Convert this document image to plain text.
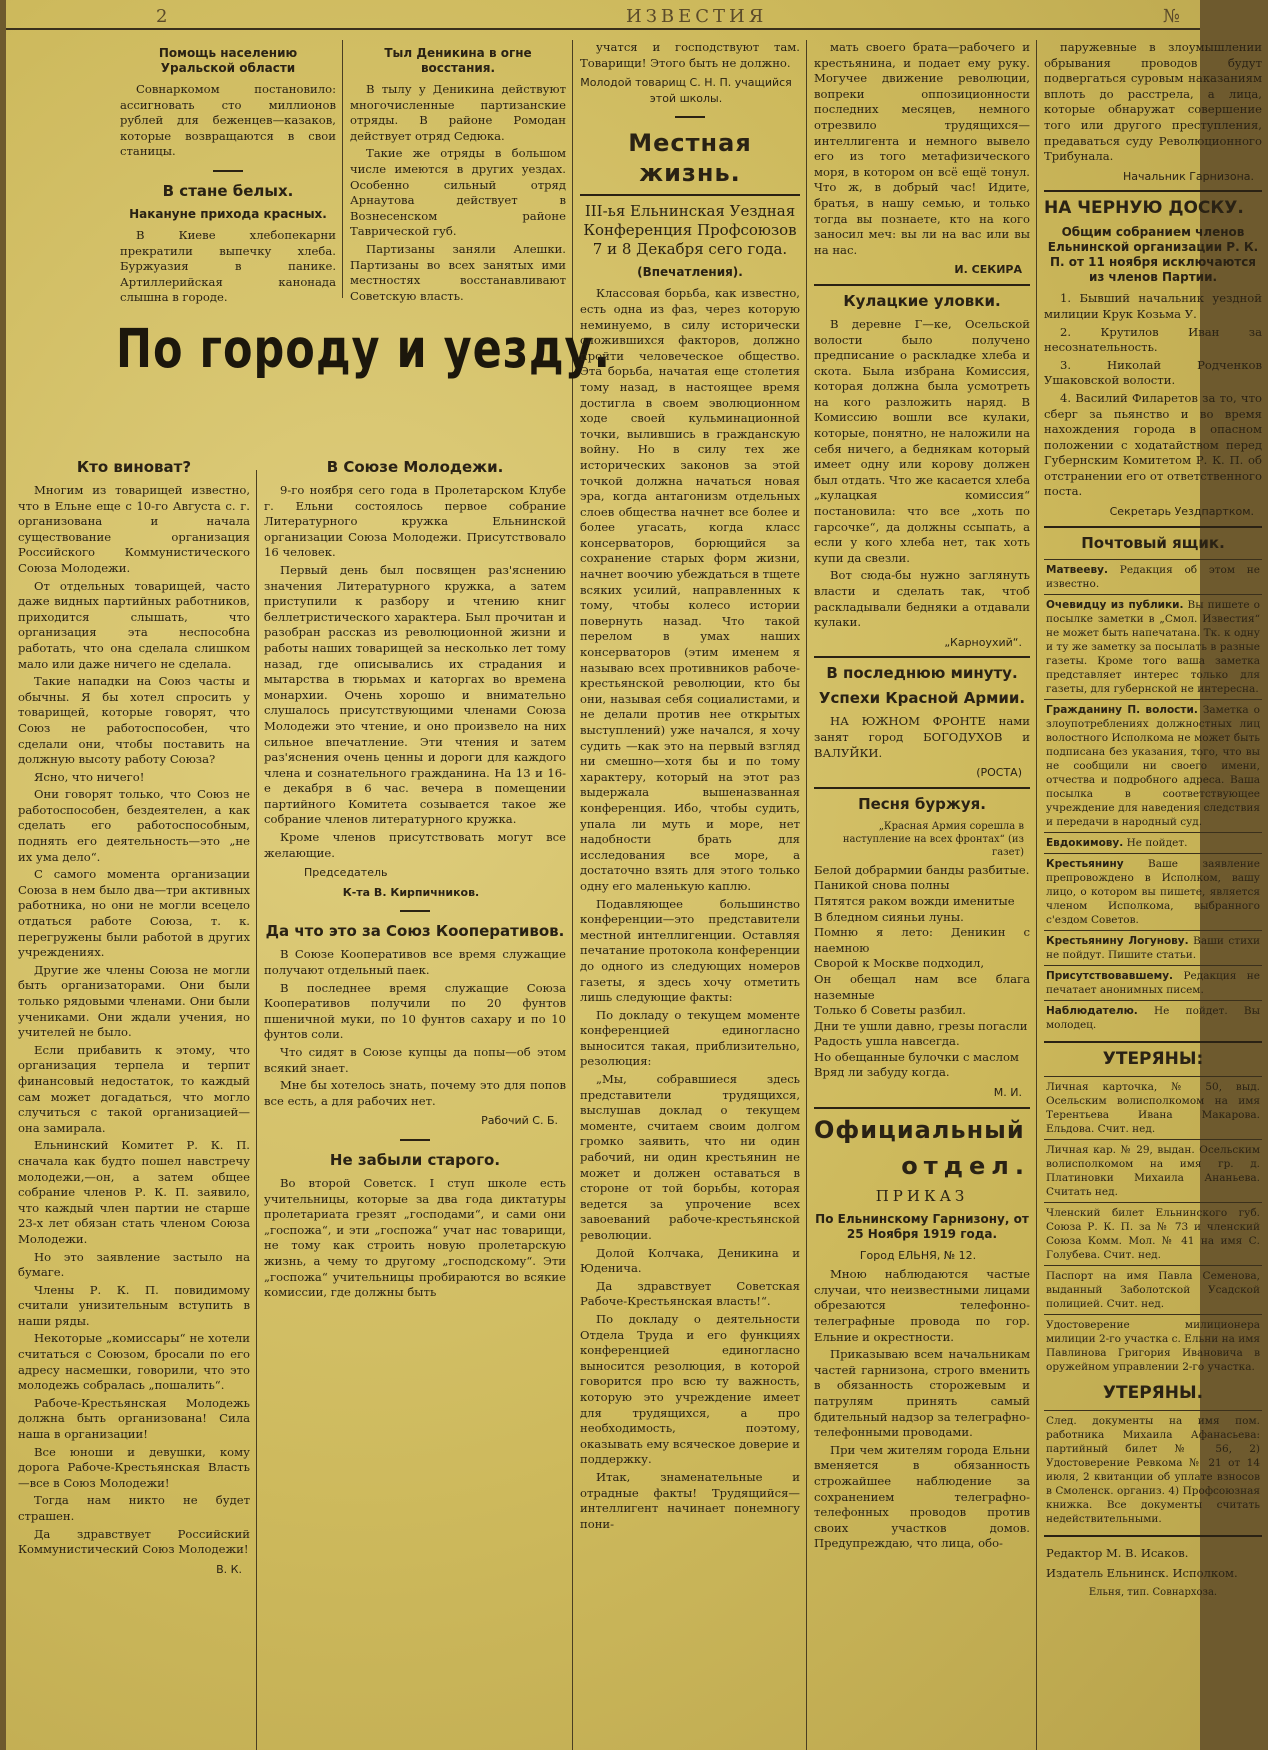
2	ИЗВЕСТИЯ	№
Помощь населению Уральской области

Совнаркомом постановило: ассигновать сто миллионов рублей для беженцев—казаков, которые возвращаются в свои станицы.

В стане белых.
Накануне прихода красных.

В Киеве хлебопекарни прекратили выпечку хлеба. Буржуазия в панике. Артиллерийская канонада слышна в городе.

Тыл Деникина в огне восстания.

В тылу у Деникина действуют многочисленные партизанские отряды. В районе Ромодан действует отряд Седюка.

Такие же отряды в большом числе имеются в других уездах. Особенно сильный отряд Арнаутова действует в Вознесенском районе Таврической губ.

Партизаны заняли Алешки. Партизаны во всех занятых ими местностях восстанавливают Советскую власть.

По городу и уезду.
Кто виноват?

Многим из товарищей известно, что в Ельне еще с 10-го Августа с. г. организована и начала существование организация Российского Коммунистического Союза Молодежи.

От отдельных товарищей, часто даже видных партийных работников, приходится слышать, что организация эта неспособна работать, что она сделала слишком мало или даже ничего не сделала.

Такие нападки на Союз часты и обычны. Я бы хотел спросить у товарищей, которые говорят, что Союз не работоспособен, что сделали они, чтобы поставить на должную высоту работу Союза?

Ясно, что ничего!

Они говорят только, что Союз не работоспособен, бездеятелен, а как сделать его работоспособным, поднять его деятельность—это „не их ума дело“.

С самого момента организации Союза в нем было два—три активных работника, но они не могли всецело отдаться работе Союза, т. к. перегружены были работой в других учреждениях.

Другие же члены Союза не могли быть организаторами. Они были только рядовыми членами. Они были учениками. Они ждали учения, но учителей не было.

Если прибавить к этому, что организация терпела и терпит финансовый недостаток, то каждый сам может догадаться, что могло случиться с такой организацией—она замирала.

Ельнинский Комитет Р. К. П. сначала как будто пошел навстречу молодежи,—он, а затем общее собрание членов Р. К. П. заявило, что каждый член партии не старше 23-х лет обязан стать членом Союза Молодежи.

Но это заявление застыло на бумаге.

Члены Р. К. П. повидимому считали унизительным вступить в наши ряды.

Некоторые „комиссары“ не хотели считаться с Союзом, бросали по его адресу насмешки, говорили, что это молодежь собралась „пошалить“.

Рабоче-Крестьянская Молодежь должна быть организована! Сила наша в организации!

Все юноши и девушки, кому дорога Рабоче-Крестьянская Власть—все в Союз Молодежи!

Тогда нам никто не будет страшен.

Да здравствует Российский Коммунистический Союз Молодежи!

В. К.
В Союзе Молодежи.

9-го ноября сего года в Пролетарском Клубе г. Ельни состоялось первое собрание Литературного кружка Ельнинской организации Союза Молодежи. Присутствовало 16 человек.

Первый день был посвящен раз'яснению значения Литературного кружка, а затем приступили к разбору и чтению книг беллетристического характера. Был прочитан и разобран рассказ из революционной жизни и работы наших товарищей за несколько лет тому назад, где описывались их страдания и мытарства в тюрьмах и каторгах во времена монархии. Очень хорошо и внимательно слушалось присутствующими членами Союза Молодежи это чтение, и оно произвело на них сильное впечатление. Эти чтения и затем раз'яснения очень ценны и дороги для каждого члена и сознательного гражданина. На 13 и 16-е декабря в 6 час. вечера в помещении партийного Комитета созывается такое же собрание членов литературного кружка.

Кроме членов присутствовать могут все желающие.

Председатель
К-та В. Кирпичников.
Да что это за Союз Кооперативов.

В Союзе Кооперативов все время служащие получают отдельный паек.

В последнее время служащие Союза Кооперативов получили по 20 фунтов пшеничной муки, по 10 фунтов сахару и по 10 фунтов соли.

Что сидят в Союзе купцы да попы—об этом всякий знает.

Мне бы хотелось знать, почему это для попов все есть, а для рабочих нет.

Рабочий С. Б.
Не забыли старого.

Во второй Советск. I ступ школе есть учительницы, которые за два года диктатуры пролетариата грезят „господами“, и сами они „госпожа“, и эти „госпожа“ учат нас товарищи, не тому как строить новую пролетарскую жизнь, а чему то другому „господскому“. Эти „госпожа“ учительницы пробираются во всякие комиссии, где должны быть

учатся и господствуют там. Товарищи! Этого быть не должно.

Молодой товарищ С. Н. П. учащийся этой школы.
Местная жизнь.
III-ья Ельнинская Уездная Конференция Профсоюзов 7 и 8 Декабря сего года.
(Впечатления).

Классовая борьба, как известно, есть одна из фаз, через которую неминуемо, в силу исторически сложившихся факторов, должно пройти человеческое общество. Эта борьба, начатая еще столетия тому назад, в настоящее время достигла в своем эволюционном ходе своей кульминационной точки, вылившись в гражданскую войну. Но в силу тех же исторических законов за этой точкой должна начаться новая эра, когда антагонизм отдельных слоев общества начнет все более и более угасать, когда класс консерваторов, борющийся за сохранение старых форм жизни, начнет воочию убеждаться в тщете всяких усилий, направленных к тому, чтобы колесо истории повернуть назад. Что такой перелом в умах наших консерваторов (этим именем я называю всех противников рабоче-крестьянской революции, кто бы они, называя себя социалистами, и не делали против нее открытых выступлений) уже начался, я хочу судить —как это на первый взгляд ни смешно—хотя бы и по тому характеру, который на этот раз выдержала вышеназванная конференция. Ибо, чтобы судить, упала ли муть и море, нет надобности брать для исследования все море, а достаточно взять для этого только одну его маленькую каплю.

Подавляющее большинство конференции—это представители местной интеллигенции. Оставляя печатание протокола конференции до одного из следующих номеров газеты, я здесь хочу отметить лишь следующие факты:

По докладу о текущем моменте конференцией единогласно выносится такая, приблизительно, резолюция:

„Мы, собравшиеся здесь представители трудящихся, выслушав доклад о текущем моменте, считаем своим долгом громко заявить, что ни один рабочий, ни один крестьянин не может и должен оставаться в стороне от той борьбы, которая ведется за упрочение всех завоеваний рабоче-крестьянской революции.

Долой Колчака, Деникина и Юденича.

Да здравствует Советская Рабоче-Крестьянская власть!“.

По докладу о деятельности Отдела Труда и его функциях конференцией единогласно выносится резолюция, в которой говорится про всю ту важность, которую это учреждение имеет для трудящихся, а про необходимость, поэтому, оказывать ему всяческое доверие и поддержку.

Итак, знаменательные и отрадные факты! Трудящийся—интеллигент начинает понемногу пони-

мать своего брата—рабочего и крестьянина, и подает ему руку. Могучее движение революции, вопреки оппозиционности последних месяцев, немного отрезвило трудящихся—интеллигента и немного вывело его из того метафизического моря, в котором он всё ещё тонул. Что ж, в добрый час! Идите, братья, в нашу семью, и только тогда вы познаете, кто на кого заносил меч: вы ли на вас или вы на нас.

И. СЕКИРА
Кулацкие уловки.

В деревне Г—ке, Осельской волости было получено предписание о раскладке хлеба и скота. Была избрана Комиссия, которая должна была усмотреть на кого разложить наряд. В Комиссию вошли все кулаки, которые, понятно, не наложили на себя ничего, а беднякам который имеет одну или корову должен был отдать. Что же касается хлеба „кулацкая комиссия“ постановила: что все „хоть по гарсочке“, да должны ссыпать, а если у кого хлеба нет, так хоть купи да свезли.

Вот сюда-бы нужно заглянуть власти и сделать так, чтоб раскладывали бедняки а отдавали кулаки.

„Карноухий“.
В последнюю минуту.
Успехи Красной Армии.

НА ЮЖНОМ ФРОНТЕ нами занят город БОГОДУХОВ и ВАЛУЙКИ.

(РОСТА)
Песня буржуя.
„Красная Армия сорешла в наступление на всех фронтах“ (из газет)
Белой добрармии банды разбитые.
Паникой снова полны
Пятятся раком вожди именитые
В бледном сияньи луны.
Помню я лето: Деникин с наемною
Сворой к Москве подходил,
Он обещал нам все блага наземные
Только б Советы разбил.
Дни те ушли давно, грезы погасли
Радость ушла навсегда.
Но обещанные булочки с маслом
Вряд ли забуду когда.
М. И.
Официальный
отдел.
ПРИКАЗ
По Ельнинскому Гарнизону, от 25 Ноября 1919 года.
Город ЕЛЬНЯ, № 12.

Мною наблюдаются частые случаи, что неизвестными лицами обрезаются телефонно-телеграфные провода по гор. Ельние и окрестности.

Приказываю всем начальникам частей гарнизона, строго вменить в обязанность сторожевым и патрулям принять самый бдительный надзор за телеграфно-телефонными проводами.

При чем жителям города Ельни вменяется в обязанность строжайшее наблюдение за сохранением телеграфно-телефонных проводов против своих участков домов. Предупреждаю, что лица, обо-

паружевные в злоумышлении обрывания проводов будут подвергаться суровым наказаниям вплоть до расстрела, а лица, которые обнаружат совершение того или другого преступления, предаваться суду Революционного Трибунала.

Начальник Гарнизона.
НА ЧЕРНУЮ ДОСКУ.
Общим собранием членов Ельнинской организации Р. К. П. от 11 ноября исключаются из членов Партии.

1. Бывший начальник уездной милиции Крук Козьма У.

2. Крутилов Иван за несознательность.

3. Николай Родченков Ушаковской волости.

4. Василий Филаретов за то, что сберг за пьянство и во время нахождения города в опасном положении с ходатайством перед Губернским Комитетом Р. К. П. об отстранении его от ответственного поста.

Секретарь Уездпартком.
Почтовый ящик.
Матвееву. Редакция об этом не известно.
Очевидцу из публики. Вы пишете о посылке заметки в „Смол. Известия“ не может быть напечатана. Тк. к одну и ту же заметку за посылать в разные газеты. Кроме того ваша заметка представляет интерес только для газеты, для губернской не интересна.
Гражданину П. волости. Заметка о злоупотреблениях должностных лиц волостного Исполкома не может быть подписана без указания, того, что вы не сообщили ни своего имени, отчества и подробного адреса. Ваша посылка в соответствующее учреждение для наведения следствия и передачи в народный суд.
Евдокимову. Не пойдет.
Крестьянину Ваше заявление препровождено в Исполком, вашу лицо, о котором вы пишете, является членом Исполкома, выбранного с'ездом Советов.
Крестьянину Логунову. Ваши стихи не пойдут. Пишите статьи.
Присутствовавшему. Редакция не печатает анонимных писем.
Наблюдателю. Не пойдет. Вы молодец.
УТЕРЯНЫ:
Личная карточка, № 50, выд. Осельским волисполкомом на имя Терентьева Ивана Макарова. Ельдова. Счит. нед.
Личная кар. № 29, выдан. Осельским волисполкомом на имя гр. д. Платиновки Михаила Ананьева. Считать нед.
Членский билет Ельнинского губ. Союза Р. К. П. за № 73 и членский Союза Комм. Мол. № 41 на имя С. Голубева. Счит. нед.
Паспорт на имя Павла Семенова, выданный Заболотской Усадской полицией. Счит. нед.
Удостоверение милиционера милиции 2-го участка с. Ельни на имя Павлинова Григория Ивановича в оружейном управлении 2-го участка.
УТЕРЯНЫ.
След. документы на имя пом. работника Михаила Афанасьева: партийный билет № 56, 2) Удостоверение Ревкома № 21 от 14 июля, 2 квитанции об уплате взносов в Смоленск. организ. 4) Профсоюзная книжка. Все документы считать недействительными.
Редактор М. В. Исаков.
Издатель Ельнинск. Исполком.
Ельня, тип. Совнархоза.
